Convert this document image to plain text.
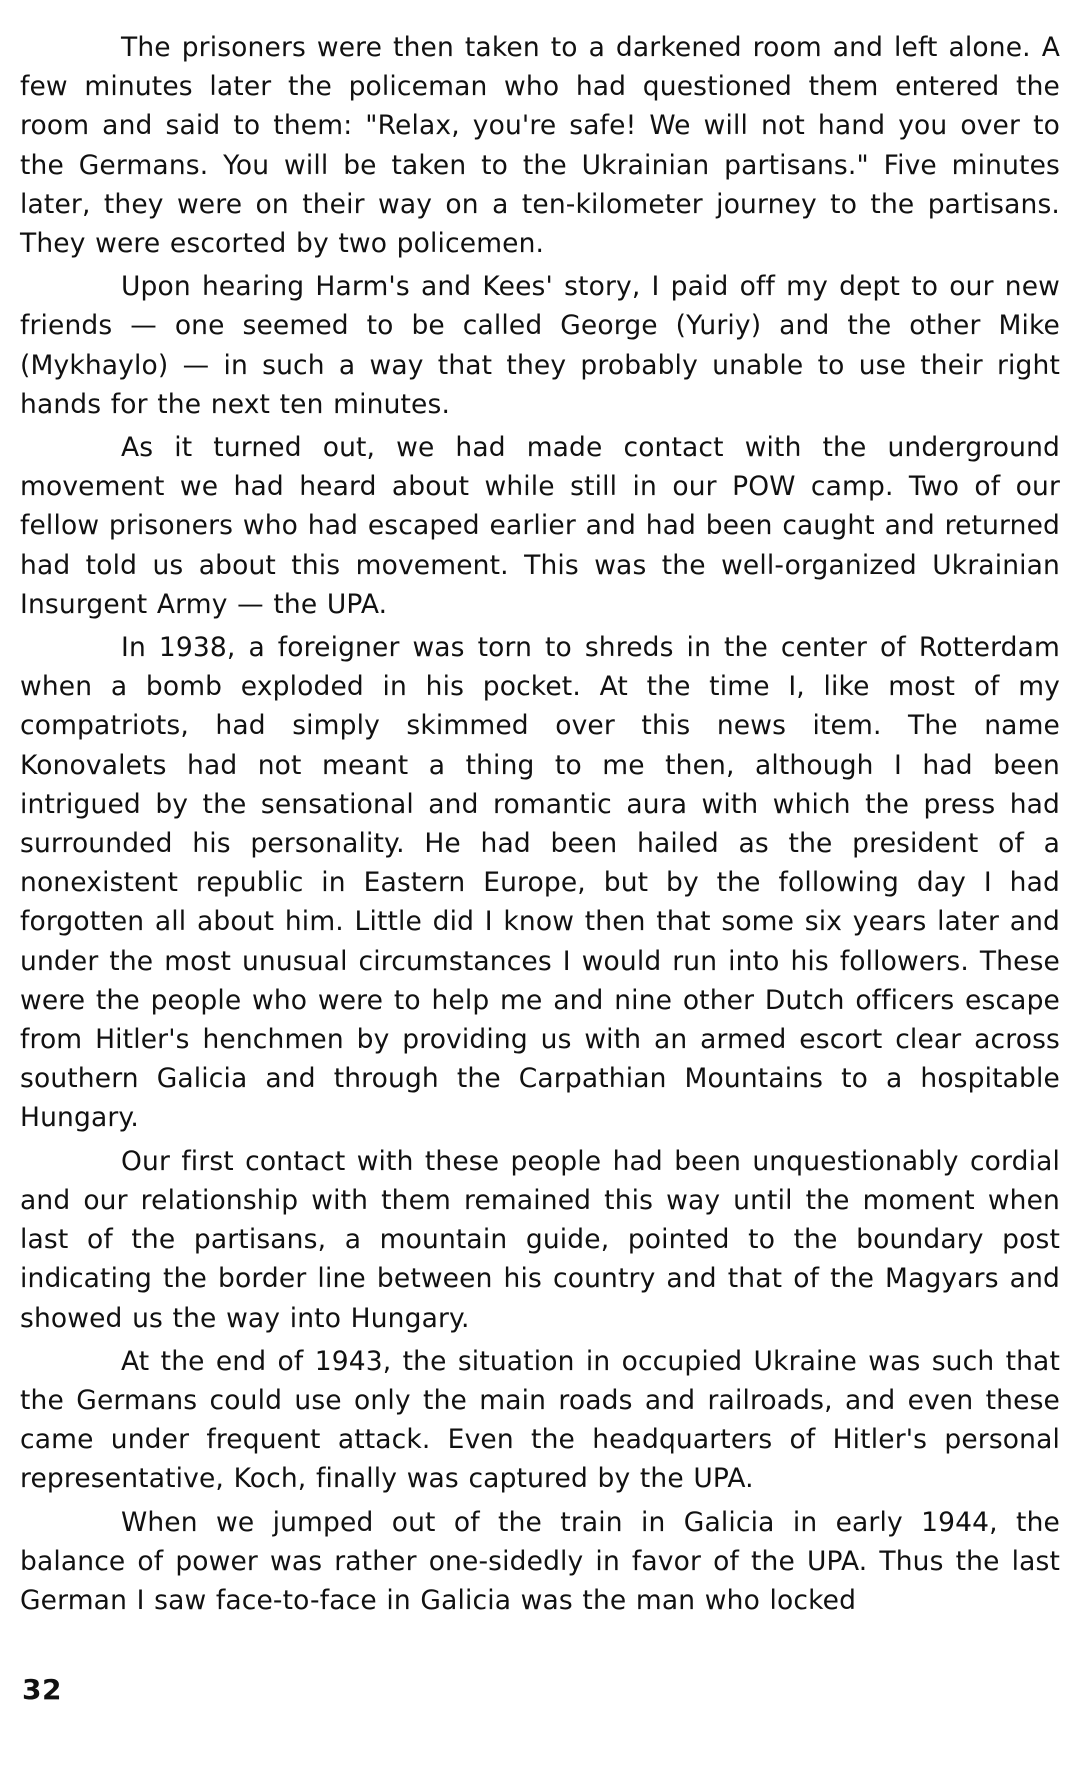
The prisoners were then taken to a darkened room and left alone. A few minutes later the policeman who had questioned them entered the room and said to them: "Relax, you're safe! We will not hand you over to the Germans. You will be taken to the Ukrainian partisans." Five minutes later, they were on their way on a ten-kilometer journey to the partisans. They were escorted by two policemen.

Upon hearing Harm's and Kees' story, I paid off my dept to our new friends — one seemed to be called George (Yuriy) and the other Mike (Mykhaylo) — in such a way that they probably unable to use their right hands for the next ten minutes.

As it turned out, we had made contact with the underground movement we had heard about while still in our POW camp. Two of our fellow prisoners who had escaped earlier and had been caught and returned had told us about this movement. This was the well-organized Ukrainian Insurgent Army — the UPA.

In 1938, a foreigner was torn to shreds in the center of Rotterdam when a bomb exploded in his pocket. At the time I, like most of my compatriots, had simply skimmed over this news item. The name Konovalets had not meant a thing to me then, although I had been intrigued by the sensational and romantic aura with which the press had surrounded his personality. He had been hailed as the president of a nonexistent republic in Eastern Europe, but by the following day I had forgotten all about him. Little did I know then that some six years later and under the most unusual circumstances I would run into his followers. These were the people who were to help me and nine other Dutch officers escape from Hitler's henchmen by providing us with an armed escort clear across southern Galicia and through the Carpathian Mountains to a hospitable Hungary.

Our first contact with these people had been unquestionably cordial and our relationship with them remained this way until the moment when last of the partisans, a mountain guide, pointed to the boundary post indicating the border line between his country and that of the Magyars and showed us the way into Hungary.

At the end of 1943, the situation in occupied Ukraine was such that the Germans could use only the main roads and railroads, and even these came under frequent attack. Even the headquarters of Hitler's personal representative, Koch, finally was captured by the UPA.

When we jumped out of the train in Galicia in early 1944, the balance of power was rather one-sidedly in favor of the UPA. Thus the last German I saw face-to-face in Galicia was the man who locked

32
